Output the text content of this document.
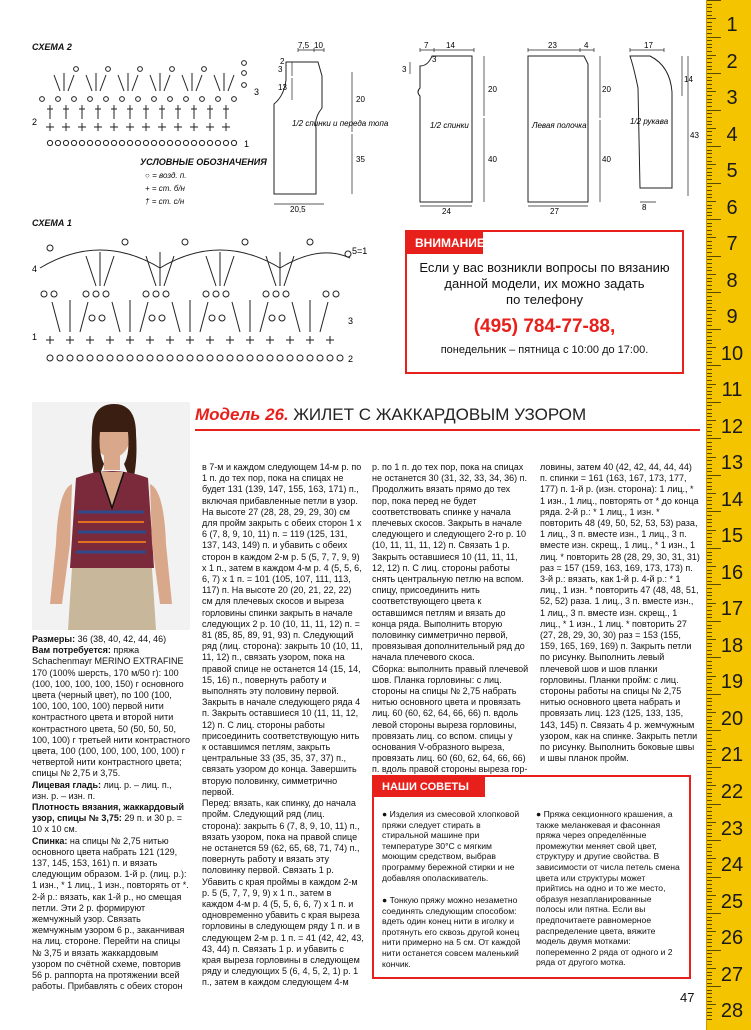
СХЕМА 2
1
2
3
УСЛОВНЫЕ ОБОЗНАЧЕНИЯ
○ = возд. п.
+ = ст. б/н
† = ст. с/н
СХЕМА 1
1
2
3
4
5=1
7,5 10
3
2
13
20
35
20,5
1/2 спинки и переда топа
7 14
3
3
20
40
24
1/2 спинки
23	4
20
40
27
Левая полочка
17
14
43
8
1/2 рукава
ВНИМАНИЕ!
Если у вас возникли вопросы по вязанию
данной модели, их можно задать
по телефону
(495) 784-77-88,
понедельник – пятница с 10:00 до 17:00.
Модель 26. ЖИЛЕТ С ЖАККАРДОВЫМ УЗОРОМ

Размеры: 36 (38, 40, 42, 44, 46)

Вам потребуется: пряжа Schachenmayr MERINO EXTRAFINE 170 (100% шерсть, 170 м/50 г): 100 (100, 100, 100, 100, 150) г основного цвета (черный цвет), по 100 (100, 100, 100, 100, 100) первой нити контрастного цвета и второй нити контрастного цвета, 50 (50, 50, 50, 100, 100) г третьей нити контрастного цвета, 100 (100, 100, 100, 100, 100) г четвертой нити контрастного цвета; спицы № 2,75 и 3,75.

Лицевая гладь: лиц. р. – лиц. п., изн. р. – изн. п.

Плотность вязания, жаккардовый узор, спицы № 3,75: 29 п. и 30 р. = 10 х 10 см.

Спинка: на спицы № 2,75 нитью основного цвета набрать 121 (129, 137, 145, 153, 161) п. и вязать следующим образом. 1-й р. (лиц. р.): 1 изн., * 1 лиц., 1 изн., повторять от *. 2-й р.: вязать, как 1-й р., но смещая петли. Эти 2 р. формируют жемчужный узор. Связать жемчужным узором 6 р., заканчивая на лиц. стороне. Перейти на спицы № 3,75 и вязать жаккардовым узором по счётной схеме, повторив 56 р. раппорта на протяжении всей работы. Прибавлять с обеих сторон

в 7-м и каждом следующем 14-м р. по 1 п. до тех пор, пока на спицах не будет 131 (139, 147, 155, 163, 171) п., включая прибавленные петли в узор. На высоте 27 (28, 28, 29, 29, 30) см для пройм закрыть с обеих сторон 1 х 6 (7, 8, 9, 10, 11) п. = 119 (125, 131, 137, 143, 149) п. и убавить с обеих сторон в каждом 2-м р. 5 (5, 7, 7, 9, 9) х 1 п., затем в каждом 4-м р. 4 (5, 5, 6, 6, 7) х 1 п. = 101 (105, 107, 111, 113, 117) п. На высоте 20 (20, 21, 22, 22) см для плечевых скосов и выреза горловины спинки закрыть в начале следующих 2 р. 10 (10, 11, 11, 12) п. = 81 (85, 85, 89, 91, 93) п. Следующий ряд (лиц. сторона): закрыть 10 (10, 11, 11, 12) п., связать узором, пока на правой спице не останется 14 (15, 14, 15, 16) п., повернуть работу и выполнять эту половину первой. Закрыть в начале следующего ряда 4 п. Закрыть оставшиеся 10 (11, 11, 12, 12) п. С лиц. стороны работы присоединить соответствующую нить к оставшимся петлям, закрыть центральные 33 (35, 35, 37, 37) п., связать узором до конца. Завершить вторую половинку, симметрично первой.
Перед: вязать, как спинку, до начала пройм. Следующий ряд (лиц. сторона): закрыть 6 (7, 8, 9, 10, 11) п., вязать узором, пока на правой спице не останется 59 (62, 65, 68, 71, 74) п., повернуть работу и вязать эту половинку первой. Связать 1 р. Убавить с края проймы в каждом 2-м р. 5 (5, 7, 7, 9, 9) х 1 п., затем в каждом 4-м р. 4 (5, 5, 6, 6, 7) х 1 п. и одновременно убавить с края выреза горловины в следующем ряду 1 п. и в следующем 2-м р. 1 п. = 41 (42, 42, 43, 43, 44) п. Связать 1 р. и убавить с края выреза горловины в следующем ряду и следующих 5 (6, 4, 5, 2, 1) р. 1 п., затем в каждом следующем 4-м
р. по 1 п. до тех пор, пока на спицах не останется 30 (31, 32, 33, 34, 36) п. Продолжить вязать прямо до тех пор, пока перед не будет соответствовать спинке у начала плечевых скосов. Закрыть в начале следующего и следующего 2-го р. 10 (10, 11, 11, 11, 12) п. Связать 1 р. Закрыть оставшиеся 10 (11, 11, 11, 12, 12) п. С лиц. стороны работы снять центральную петлю на вспом. спицу, присоединить нить соответствующего цвета к оставшимся петлям и вязать до конца ряда. Выполнить вторую половинку симметрично первой, провязывая дополнительный ряд до начала плечевого скоса.
Сборка: выполнить правый плечевой шов. Планка горловины: с лиц. стороны на спицы № 2,75 набрать нитью основного цвета и провязать лиц. 60 (60, 62, 64, 66, 66) п. вдоль левой стороны выреза горловины, провязать лиц. со вспом. спицы у основания V-образного выреза, провязать лиц. 60 (60, 62, 64, 66, 66) п. вдоль правой стороны выреза гор-
ловины, затем 40 (42, 42, 44, 44, 44) п. спинки = 161 (163, 167, 173, 177, 177) п. 1-й р. (изн. сторона): 1 лиц., * 1 изн., 1 лиц., повторять от * до конца ряда. 2-й р.: * 1 лиц., 1 изн. * повторить 48 (49, 50, 52, 53, 53) раза, 1 лиц., 3 п. вместе изн., 1 лиц., 3 п. вместе изн. скрещ., 1 лиц., * 1 изн., 1 лиц. * повторить 28 (28, 29, 30, 31, 31) раз = 157 (159, 163, 169, 173, 173) п. 3-й р.: вязать, как 1-й р. 4-й р.: * 1 лиц., 1 изн. * повторить 47 (48, 48, 51, 52, 52) раза. 1 лиц., 3 п. вместе изн., 1 лиц., 3 п. вместе изн. скрещ., 1 лиц., * 1 изн., 1 лиц. * повторить 27 (27, 28, 29, 30, 30) раз = 153 (155, 159, 165, 169, 169) п. Закрыть петли по рисунку. Выполнить левый плечевой шов и шов планки горловины. Планки пройм: с лиц. стороны работы на спицы № 2,75 нитью основного цвета набрать и провязать лиц. 123 (125, 133, 135, 143, 145) п. Связать 4 р. жемчужным узором, как на спинке. Закрыть петли по рисунку. Выполнить боковые швы и швы планок пройм.
НАШИ СОВЕТЫ
● Изделия из смесовой хлопковой пряжи следует стирать в стиральной машине при температуре 30°С с мягким моющим средством, выбрав программу бережной стирки и не добавляя ополаскиватель.
● Тонкую пряжу можно незаметно соединять следующим способом: вдеть один конец нити в иголку и протянуть его сквозь другой конец нити примерно на 5 см. От каждой нити останется совсем маленький кончик.
● Пряжа секционного крашения, а также меланжевая и фасонная пряжа через определённые промежутки меняет свой цвет, структуру и другие свойства. В зависимости от числа петель смена цвета или структуры может прийтись на одно и то же место, образуя незапланированные полосы или пятна. Если вы предпочитаете равномерное распределение цвета, вяжите модель двумя мотками: попеременно 2 ряда от одного и 2 ряда от другого мотка.
47
1
2
3
4
5
6
7
8
9
10
11
12
13
14
15
16
17
18
19
20
21
22
23
24
25
26
27
28
